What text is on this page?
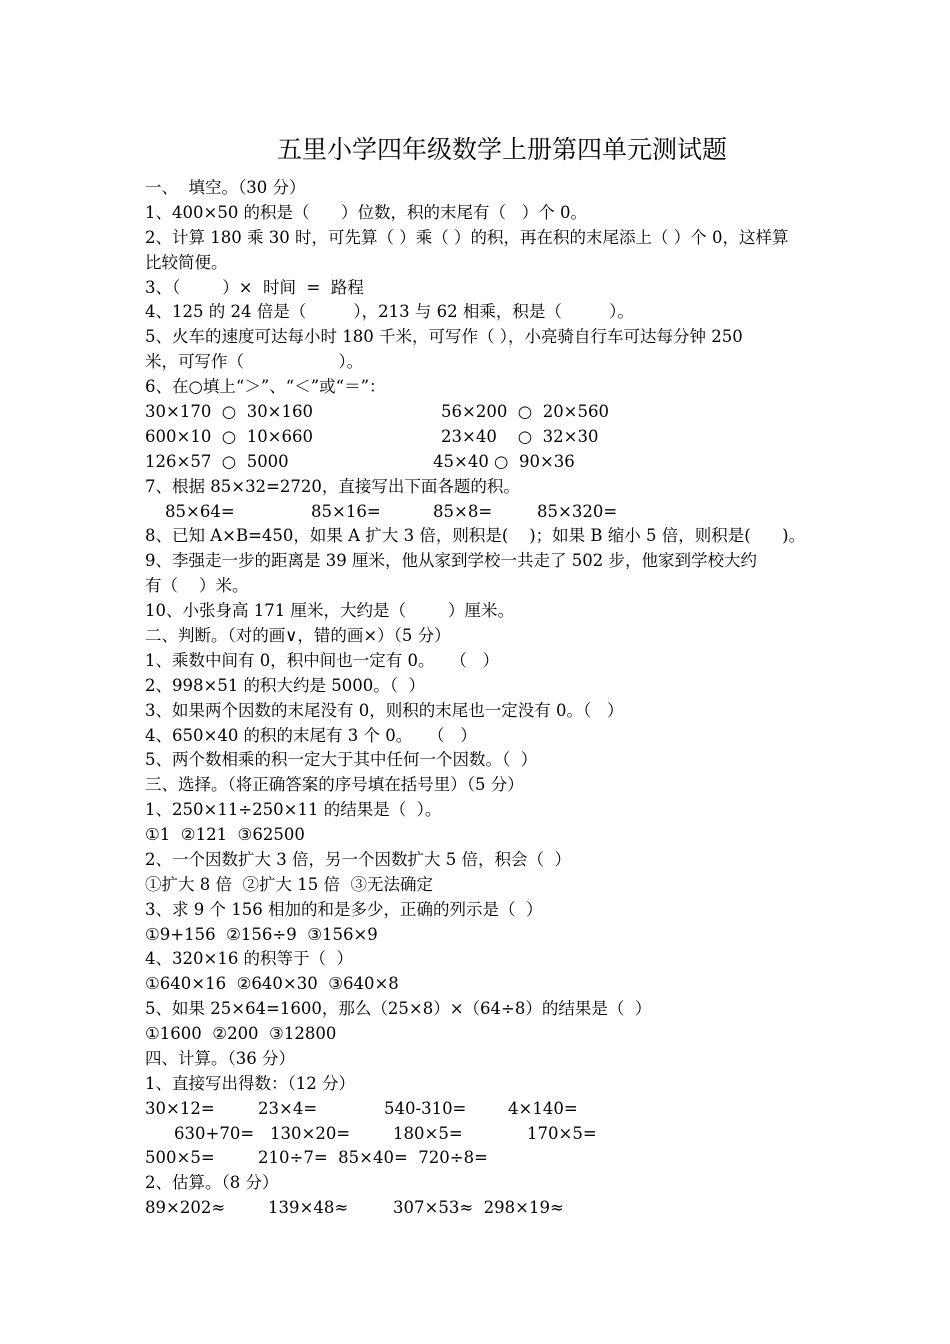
五里小学四年级数学上册第四单元测试题
一、  填空。（30 分）
1、400×50 的积是（      ）位数，积的末尾有（   ）个 0。
2、计算 180 乘 30 时，可先算（ ）乘（ ）的积，再在积的末尾添上（ ）个 0，这样算
比较简便。
3、（        ）×  时间  =  路程
4、125 的 24 倍是（         ），213 与 62 相乘，积是（         ）。
5、火车的速度可达每小时 180 千米，可写作（ ），小亮骑自行车可达每分钟 250
米，可写作（                  ）。
6、在○填上“＞”、“＜”或“＝”：
30×170  ○  30×160	56×200  ○  20×560
600×10  ○  10×660	23×40    ○  32×30
126×57  ○  5000	45×40 ○  90×36
7、根据 85×32=2720，直接写出下面各题的积。
85×64=	85×16=	85×8=	85×320=
8、已知 A×B=450，如果 A 扩大 3 倍，则积是(    )；如果 B 缩小 5 倍，则积是(      )。
9、李强走一步的距离是 39 厘米，他从家到学校一共走了 502 步，他家到学校大约
有（    ）米。
10、小张身高 171 厘米，大约是（        ）厘米。
二、判断。（对的画∨，错的画×）（5 分）
1、乘数中间有 0，积中间也一定有 0。   （   ）
2、998×51 的积大约是 5000。（  ）
3、如果两个因数的末尾没有 0，则积的末尾也一定没有 0。（   ）
4、650×40 的积的末尾有 3 个 0。   （   ）
5、两个数相乘的积一定大于其中任何一个因数。（  ）
三、选择。（将正确答案的序号填在括号里）（5 分）
1、250×11÷250×11 的结果是（  ）。
①1  ②121  ③62500
2、一个因数扩大 3 倍，另一个因数扩大 5 倍，积会（  ）
①扩大 8 倍  ②扩大 15 倍  ③无法确定
3、求 9 个 156 相加的和是多少，正确的列示是（  ）
①9+156  ②156÷9  ③156×9
4、320×16 的积等于（  ）
①640×16  ②640×30  ③640×8
5、如果 25×64=1600，那么（25×8）×（64÷8）的结果是（  ）
①1600  ②200  ③12800
四、计算。（36 分）
1、直接写出得数：（12 分）
30×12=	23×4=	540-310=	4×140=
630+70= 130×20=	180×5=	170×5=
500×5=	210÷7=  85×40=  720÷8=
2、估算。（8 分）
89×202≈	139×48≈	307×53≈  298×19≈
